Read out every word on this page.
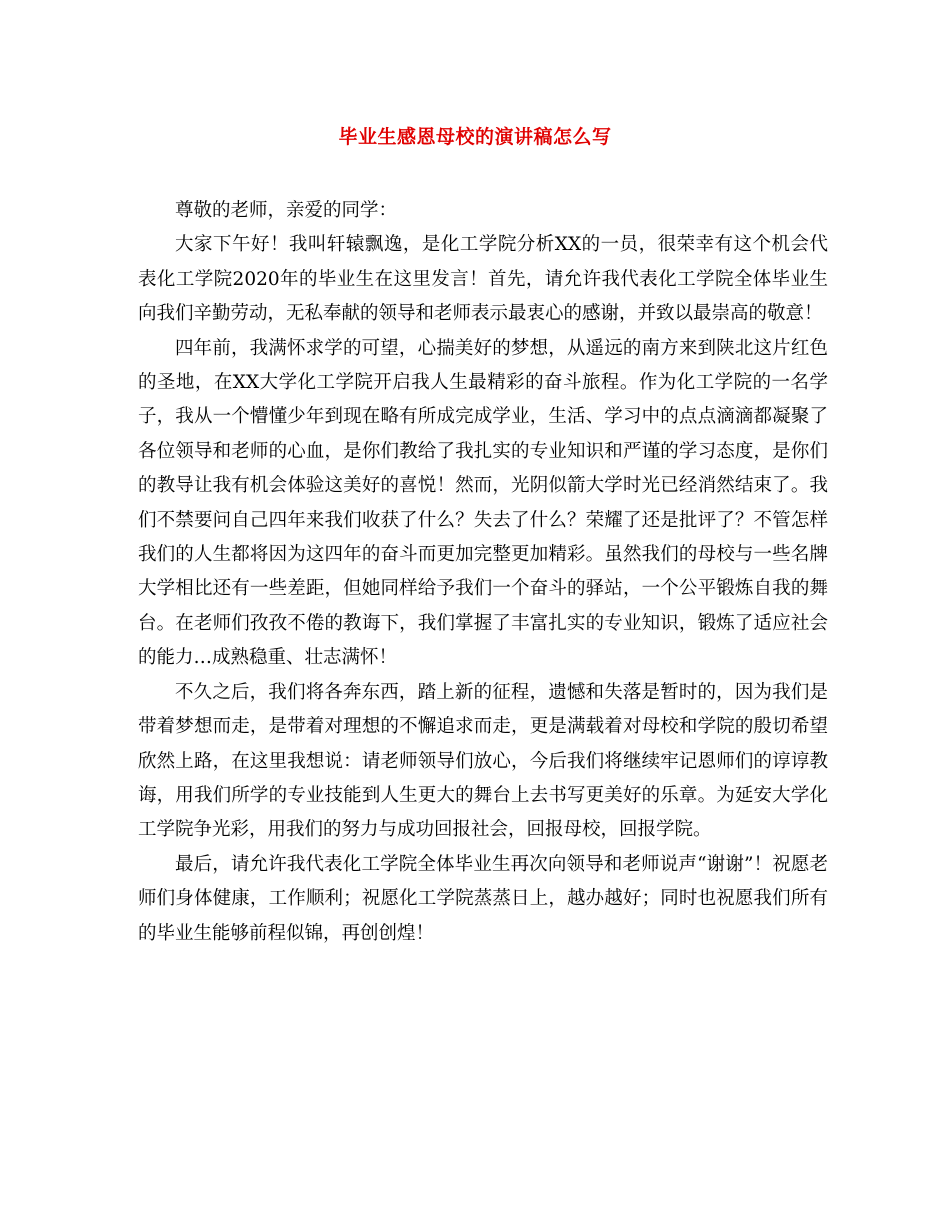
毕业生感恩母校的演讲稿怎么写

尊敬的老师，亲爱的同学：

大家下午好！我叫轩辕飘逸，是化工学院分析XX的一员，很荣幸有这个机会代表化工学院2020年的毕业生在这里发言！首先，请允许我代表化工学院全体毕业生向我们辛勤劳动，无私奉献的领导和老师表示最衷心的感谢，并致以最崇高的敬意！

四年前，我满怀求学的可望，心揣美好的梦想，从遥远的南方来到陕北这片红色的圣地，在XX大学化工学院开启我人生最精彩的奋斗旅程。作为化工学院的一名学子，我从一个懵懂少年到现在略有所成完成学业，生活、学习中的点点滴滴都凝聚了各位领导和老师的心血，是你们教给了我扎实的专业知识和严谨的学习态度，是你们的教导让我有机会体验这美好的喜悦！然而，光阴似箭大学时光已经消然结束了。我们不禁要问自己四年来我们收获了什么？失去了什么？荣耀了还是批评了？不管怎样我们的人生都将因为这四年的奋斗而更加完整更加精彩。虽然我们的母校与一些名牌大学相比还有一些差距，但她同样给予我们一个奋斗的驿站，一个公平锻炼自我的舞台。在老师们孜孜不倦的教诲下，我们掌握了丰富扎实的专业知识，锻炼了适应社会的能力…成熟稳重、壮志满怀！

不久之后，我们将各奔东西，踏上新的征程，遗憾和失落是暂时的，因为我们是带着梦想而走，是带着对理想的不懈追求而走，更是满载着对母校和学院的殷切希望欣然上路，在这里我想说：请老师领导们放心，今后我们将继续牢记恩师们的谆谆教诲，用我们所学的专业技能到人生更大的舞台上去书写更美好的乐章。为延安大学化工学院争光彩，用我们的努力与成功回报社会，回报母校，回报学院。

最后，请允许我代表化工学院全体毕业生再次向领导和老师说声“谢谢”！祝愿老师们身体健康，工作顺利；祝愿化工学院蒸蒸日上，越办越好；同时也祝愿我们所有的毕业生能够前程似锦，再创创煌！
